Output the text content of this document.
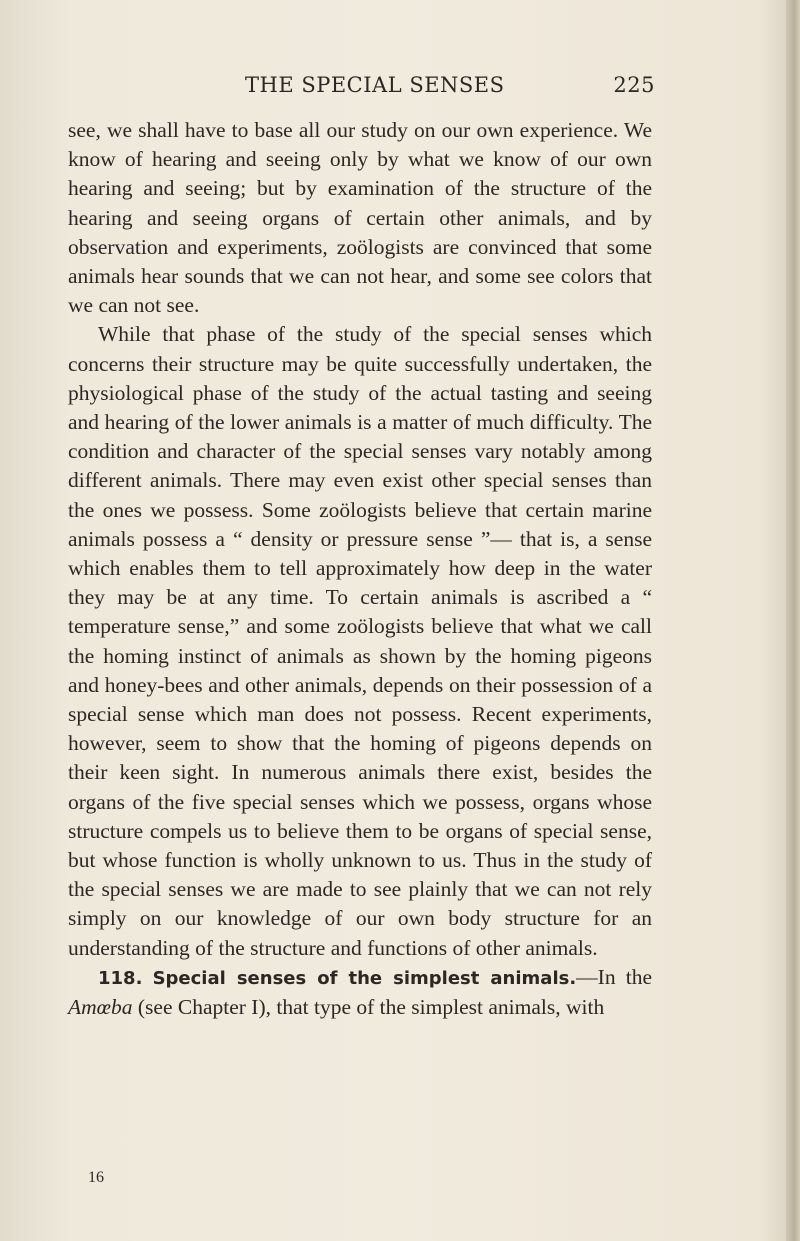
THE SPECIAL SENSES	225

see, we shall have to base all our study on our own experience. We know of hearing and seeing only by what we know of our own hearing and seeing; but by examination of the structure of the hearing and seeing organs of certain other animals, and by observation and experiments, zoölogists are convinced that some animals hear sounds that we can not hear, and some see colors that we can not see.

While that phase of the study of the special senses which concerns their structure may be quite successfully undertaken, the physiological phase of the study of the actual tasting and seeing and hearing of the lower animals is a matter of much difficulty. The condition and character of the special senses vary notably among different animals. There may even exist other special senses than the ones we possess. Some zoölogists believe that certain marine animals possess a “ density or pressure sense ”— that is, a sense which enables them to tell approximately how deep in the water they may be at any time. To certain animals is ascribed a “ temperature sense,” and some zoölogists believe that what we call the homing instinct of animals as shown by the homing pigeons and honey-bees and other animals, depends on their possession of a special sense which man does not possess. Recent experiments, however, seem to show that the homing of pigeons depends on their keen sight. In numerous animals there exist, besides the organs of the five special senses which we possess, organs whose structure compels us to believe them to be organs of special sense, but whose function is wholly unknown to us. Thus in the study of the special senses we are made to see plainly that we can not rely simply on our knowledge of our own body structure for an understanding of the structure and functions of other animals.

118. Special senses of the simplest animals.—In the Amœba (see Chapter I), that type of the simplest animals, with

16
